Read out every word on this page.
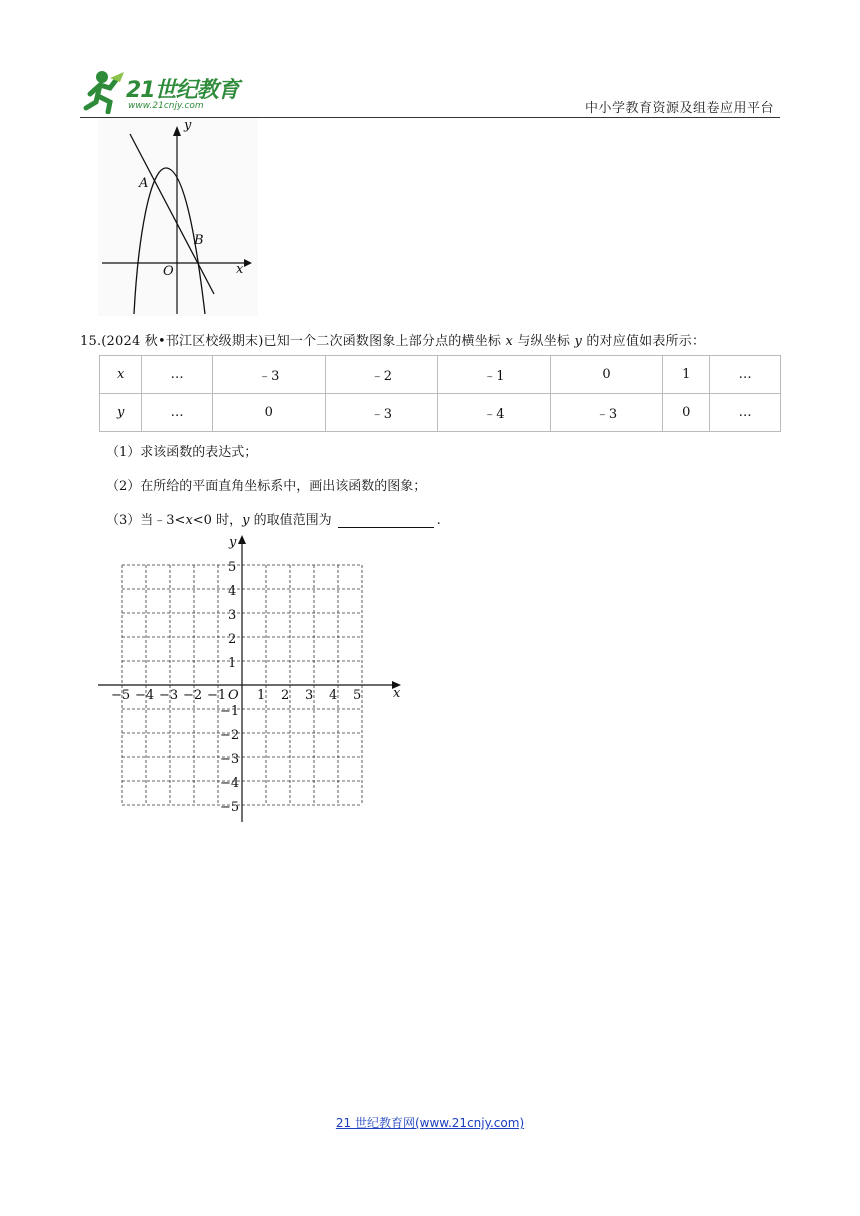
21世纪教育
www.21cnjy.com	中小学教育资源及组卷应用平台
y
x
O
A
B
15.(2024 秋•邗江区校级期末)已知一个二次函数图象上部分点的横坐标 x 与纵坐标 y 的对应值如表所示：
x	…	﹣3	﹣2	﹣1	0	1	…
y	…	0	﹣3	﹣4	﹣3	0	…
（1）求该函数的表达式；
（2）在所给的平面直角坐标系中，画出该函数的图象；
（3）当﹣3<x<0 时，y 的取值范围为	.
1 2 3 4 5
−5 −4 −3 −2 −1
1
2
3
4
5
−1
−2
−3
−4
−5
O	x
y
21 世纪教育网(www.21cnjy.com)
